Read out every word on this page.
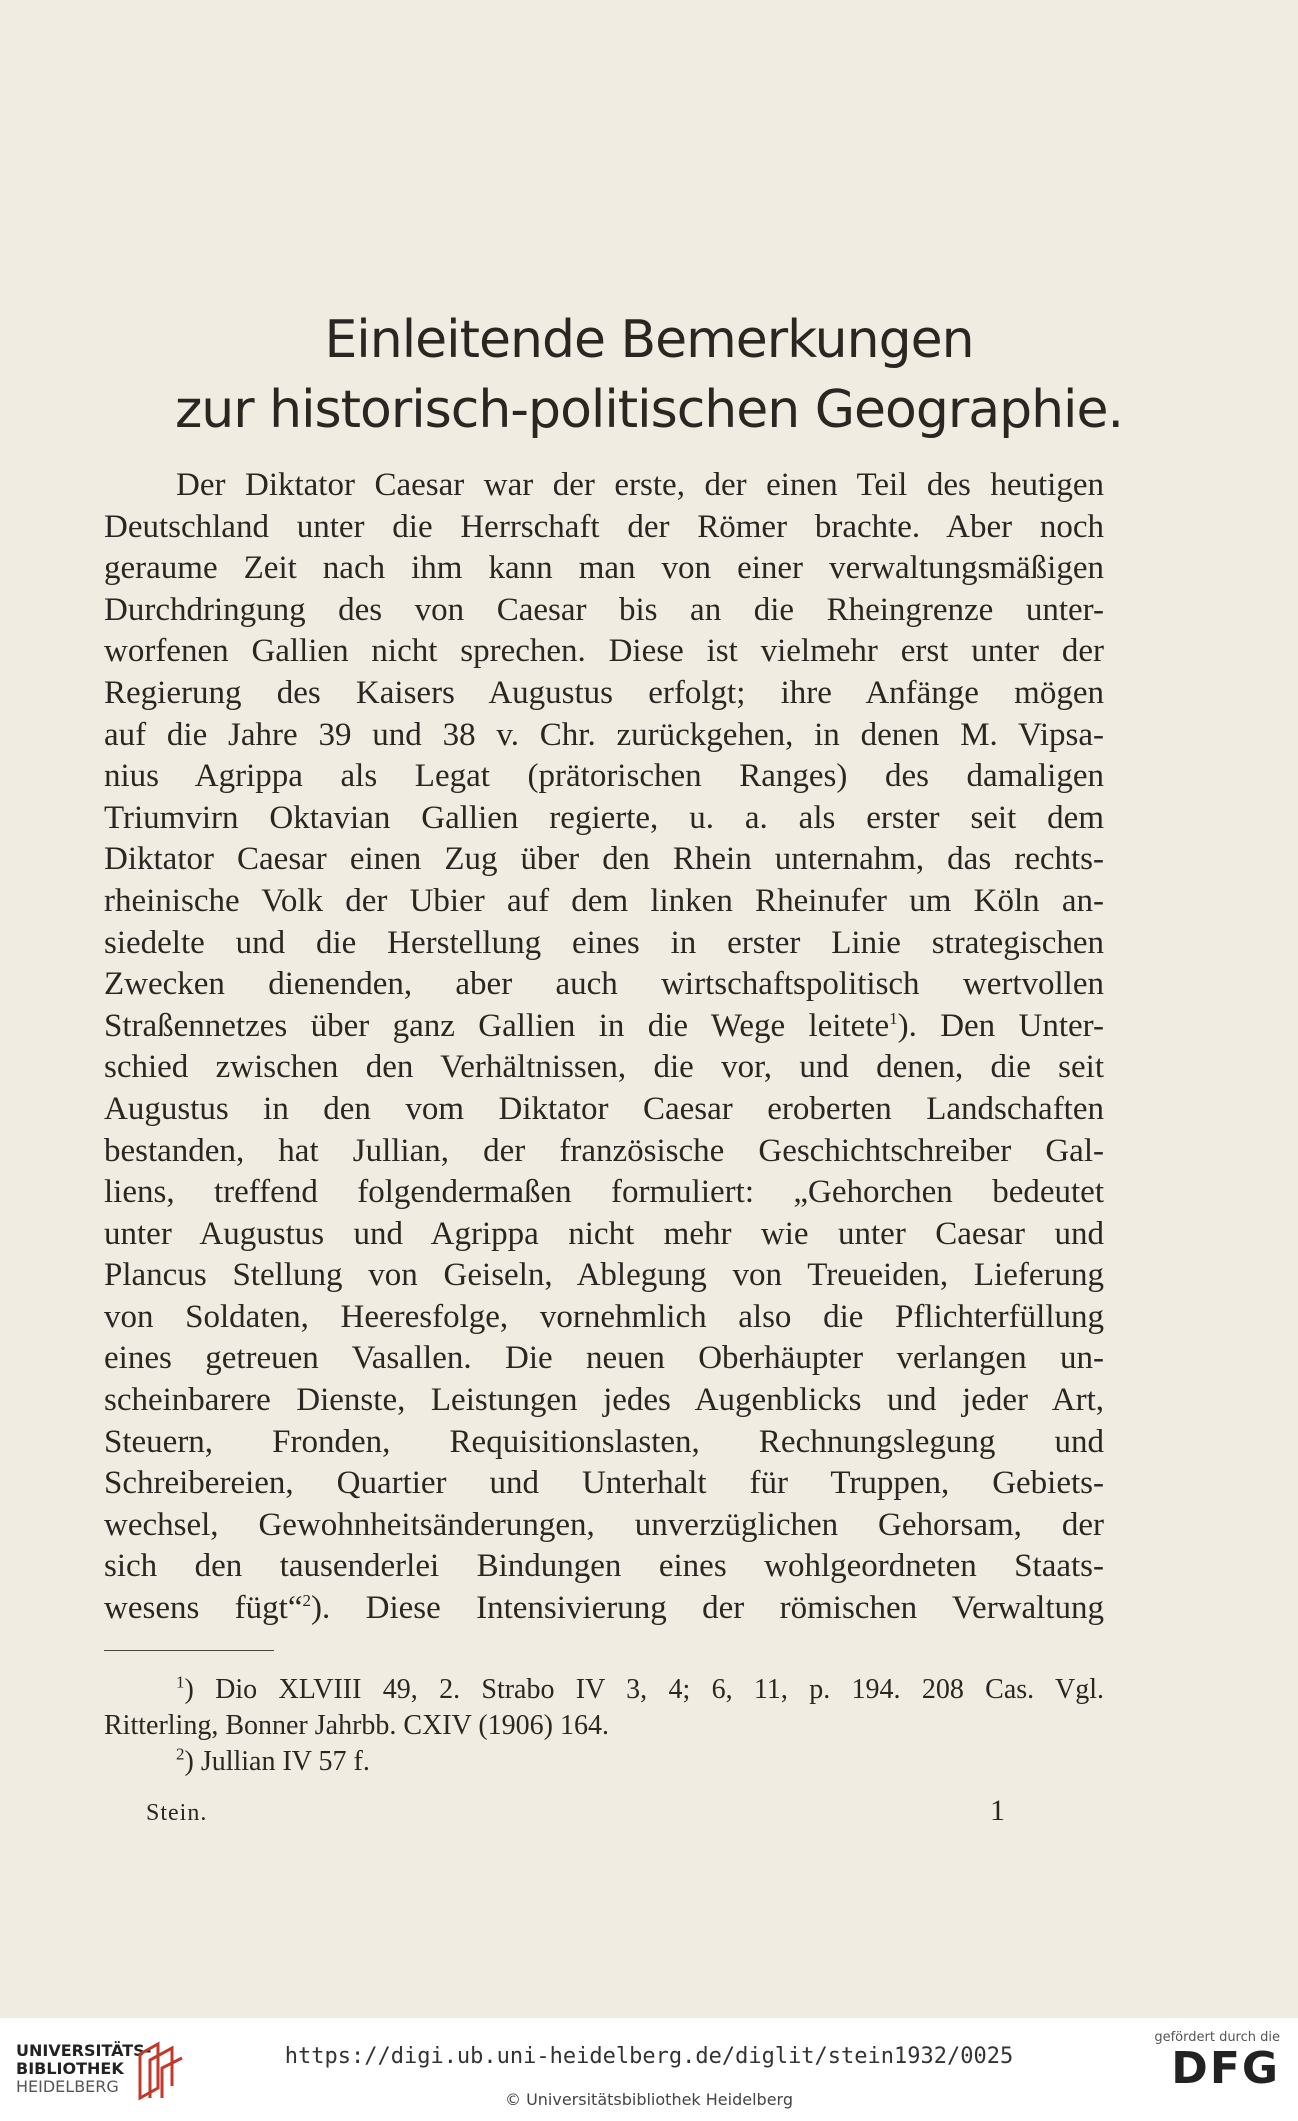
Einleitende Bemerkungen
zur historisch-politischen Geographie.
Der Diktator Caesar war der erste, der einen Teil des heutigen
Deutschland unter die Herrschaft der Römer brachte. Aber noch
geraume Zeit nach ihm kann man von einer verwaltungsmäßigen
Durchdringung des von Caesar bis an die Rheingrenze unter-
worfenen Gallien nicht sprechen. Diese ist vielmehr erst unter der
Regierung des Kaisers Augustus erfolgt; ihre Anfänge mögen
auf die Jahre 39 und 38 v. Chr. zurückgehen, in denen M. Vipsa-
nius Agrippa als Legat (prätorischen Ranges) des damaligen
Triumvirn Oktavian Gallien regierte, u. a. als erster seit dem
Diktator Caesar einen Zug über den Rhein unternahm, das rechts-
rheinische Volk der Ubier auf dem linken Rheinufer um Köln an-
siedelte und die Herstellung eines in erster Linie strategischen
Zwecken dienenden, aber auch wirtschaftspolitisch wertvollen
Straßennetzes über ganz Gallien in die Wege leitete$^1$). Den Unter-
schied zwischen den Verhältnissen, die vor, und denen, die seit
Augustus in den vom Diktator Caesar eroberten Landschaften
bestanden, hat Jullian, der französische Geschichtschreiber Gal-
liens, treffend folgendermaßen formuliert: „Gehorchen bedeutet
unter Augustus und Agrippa nicht mehr wie unter Caesar und
Plancus Stellung von Geiseln, Ablegung von Treueiden, Lieferung
von Soldaten, Heeresfolge, vornehmlich also die Pflichterfüllung
eines getreuen Vasallen. Die neuen Oberhäupter verlangen un-
scheinbarere Dienste, Leistungen jedes Augenblicks und jeder Art,
Steuern, Fronden, Requisitionslasten, Rechnungslegung und
Schreibereien, Quartier und Unterhalt für Truppen, Gebiets-
wechsel, Gewohnheitsänderungen, unverzüglichen Gehorsam, der
sich den tausenderlei Bindungen eines wohlgeordneten Staats-
wesens fügt“$^2$). Diese Intensivierung der römischen Verwaltung
$^1$) Dio XLVIII 49, 2. Strabo IV 3, 4; 6, 11, p. 194. 208 Cas. Vgl.
Ritterling, Bonner Jahrbb. CXIV (1906) 164.
$^2$) Jullian IV 57 f.
Stein.	1
UNIVERSITÄTS-
BIBLIOTHEK
HEIDELBERG
https://digi.ub.uni-heidelberg.de/diglit/stein1932/0025
© Universitätsbibliothek Heidelberg
gefördert durch die
DFG
